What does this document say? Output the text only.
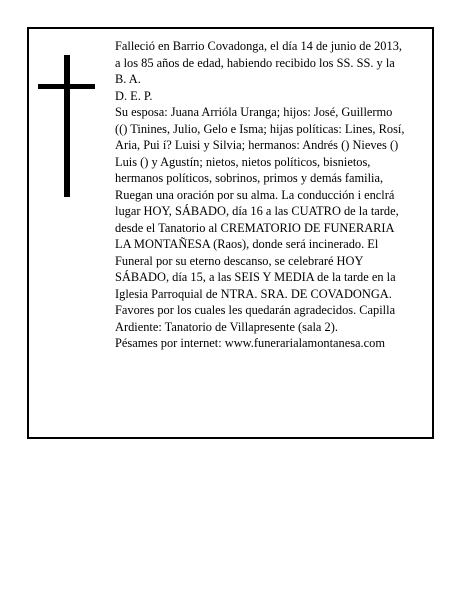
Falleció en Barrio Covadonga, el día 14 de junio de 2013, a los 85 años de edad, habiendo recibido los SS. SS. y la B. A.

D. E. P.

Su esposa: Juana Arrióla Uranga; hijos: José, Guillermo (() Tinines, Julio, Gelo e Isma; hijas políticas: Lines, Rosí, Aria, Pui í? Luisi y Silvia; hermanos: Andrés () Nieves () Luis () y Agustín; nietos, nietos políticos, bisnietos, hermanos políticos, sobrinos, primos y demás familia,

Ruegan una oración por su alma. La conducción i enclrá lugar HOY, SÁBADO, día 16 a las CUATRO de la tarde, desde el Tanatorio al CREMATORIO DE FUNERARIA LA MONTAÑESA (Raos), donde será incinerado. El Funeral por su eterno descanso, se celebraré HOY SÁBADO, día 15, a las SEIS Y MEDIA de la tarde en la Iglesia Parroquial de NTRA. SRA. DE COVADONGA. Favores por los cuales les quedarán agradecidos. Capilla Ardiente: Tanatorio de Villapresente (sala 2).

Pésames por internet: www.funerarialamontanesa.com
